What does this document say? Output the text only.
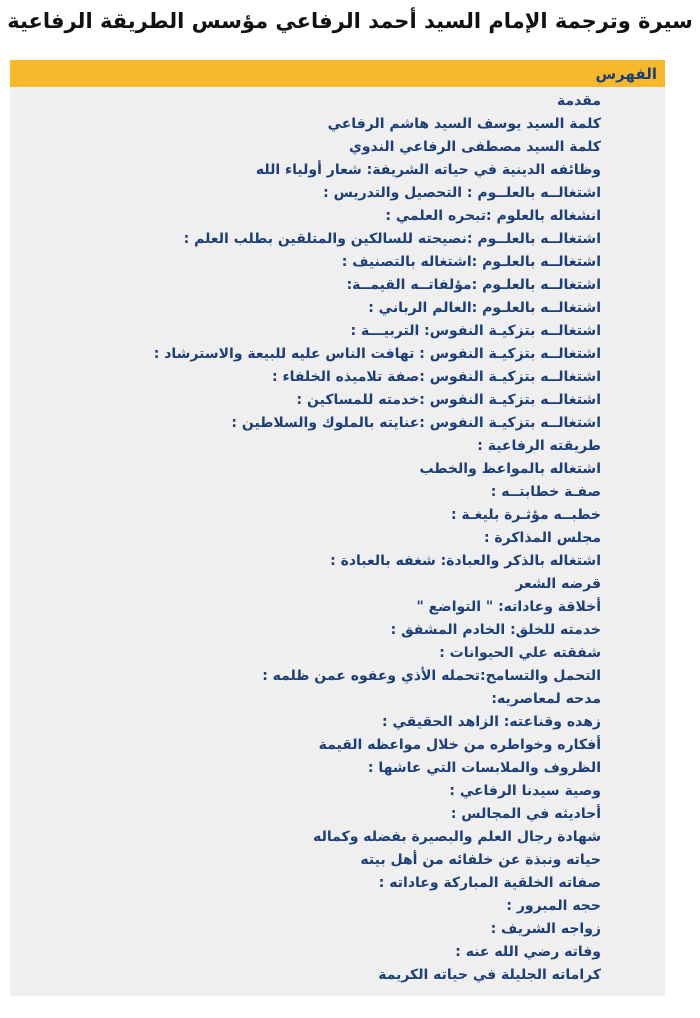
سيرة وترجمة الإمام السيد أحمد الرفاعي مؤسس الطريقة الرفاعية
الفهرس
مقدمة
كلمة السيد يوسف السيد هاشم الرفاعي
كلمة السيد مصطفى الرفاعي الندوي
وظائفه الدينية في حياته الشريفة: شعار أولياء الله
اشتغالــه بالعلــوم : التحصيل والتدريس :
انشغاله بالعلوم :تبحره العلمي :
اشتغالــه بالعلــوم :نصيحته للسالكين والمتلقين بطلب العلم :
اشتغالــه بالعلـوم :اشتغاله بالتصنيف :
اشتغالــه بالعلـوم :مؤلفاتــه القيمــة:
اشتغالــه بالعلـوم :العالم الرباني :
اشتغالــه بتزكيـة النفوس: التربيـــة :
اشتغالــه بتزكيـة النفوس : تهافت الناس عليه للبيعة والاسترشاد :
اشتغالــه بتزكيـة النفوس :صفة تلاميذه الخلفاء :
اشتغالــه بتزكيـة النفوس :خدمته للمساكين :
اشتغالــه بتزكيـة النفوس :عنايته بالملوك والسلاطين :
طريقته الرفاعية :
اشتغاله بالمواعظ والخطب
صفـة خطابتــه :
خطبــه مؤثـرة بليغـة :
مجلس المذاكرة :
اشتغاله بالذكر والعبادة: شغفه بالعبادة :
قرضه الشعر
أخلاقة وعاداته: " التواضع "
خدمته للخلق: الخادم المشفق :
شفقته علي الحيوانات :
التحمل والتسامح:تحمله الأذي وعفوه عمن ظلمه :
مدحه لمعاصريه:
زهده وقناعته: الزاهد الحقيقي :
أفكاره وخواطره من خلال مواعظه القيمة
الظروف والملابسات التي عاشها :
وصية سيدنا الرفاعي :
أحاديثه في المجالس :
شهادة رجال العلم والبصيرة بفضله وكماله
حياته ونبذة عن خلفائه من أهل بيته
صفاته الخلقية المباركة وعاداته :
حجه المبرور :
زواجه الشريف :
وفاته رضي الله عنه :
كراماته الجليلة في حياته الكريمة
